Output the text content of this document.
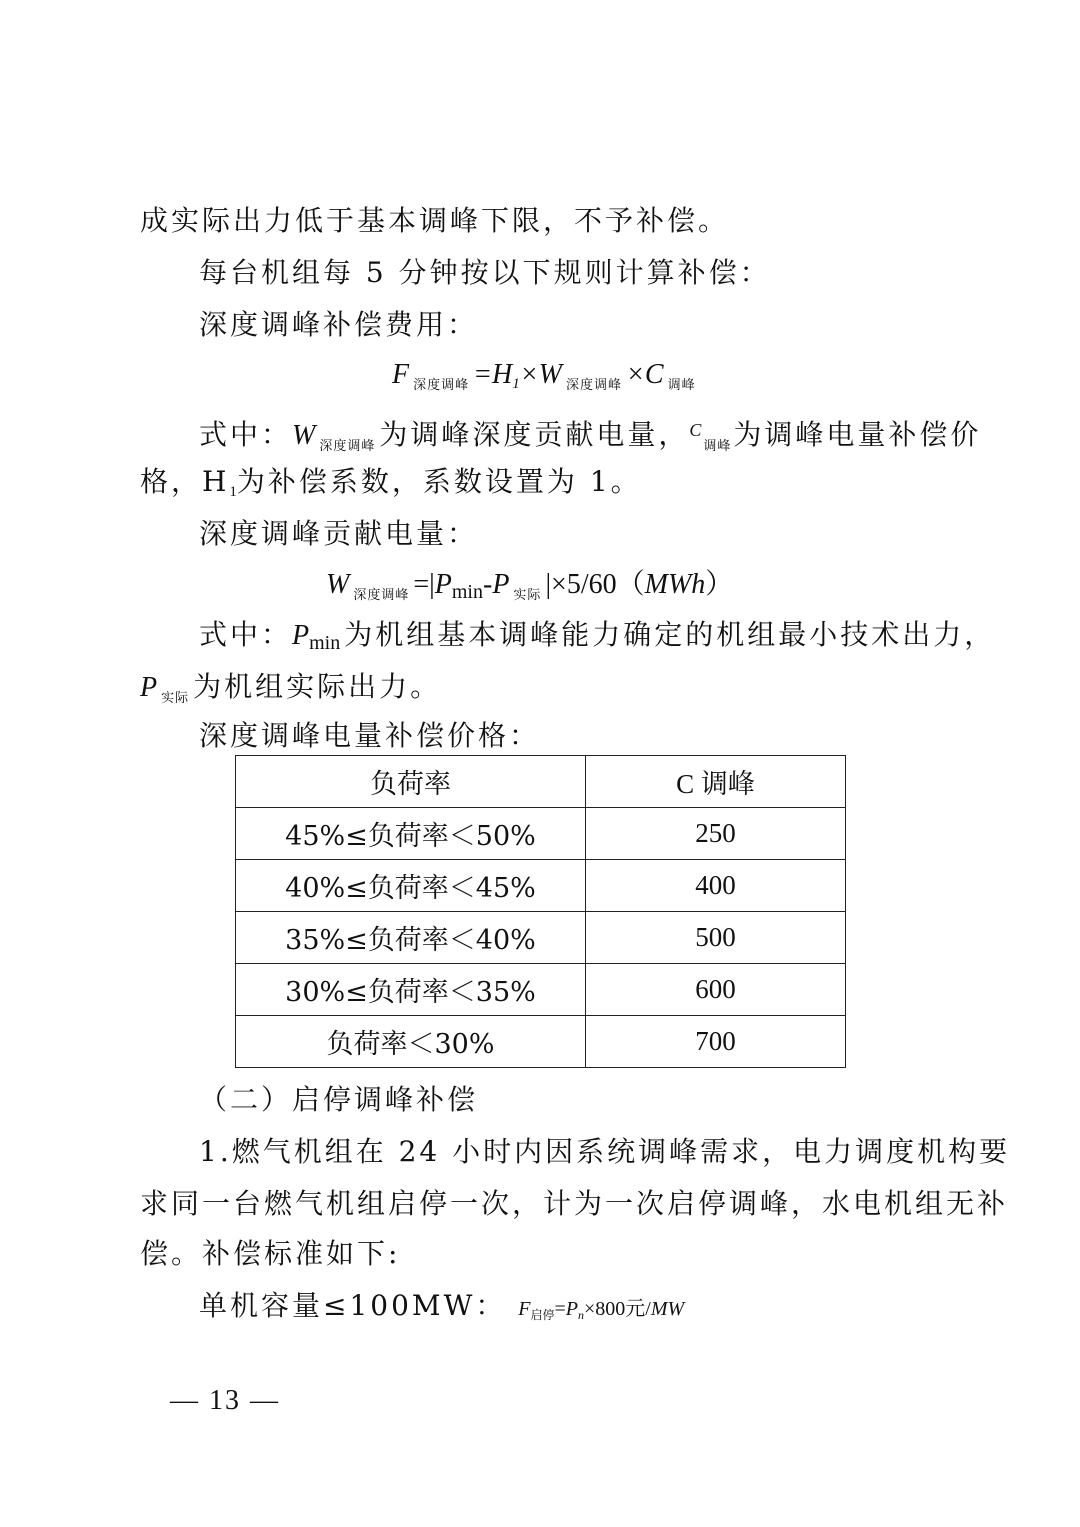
成实际出力低于基本调峰下限，不予补偿。
每台机组每 5 分钟按以下规则计算补偿：
深度调峰补偿费用：
F $_{深度调峰}$ =H1×W $_{深度调峰}$ ×C $_{调峰}$
式中：W $_{深度调峰}$ 为调峰深度贡献电量，$^C_{调峰}$为调峰电量补偿价
格，H1为补偿系数，系数设置为 1。
深度调峰贡献电量：
W $_{深度调峰}$ =|Pmin-P $_{实际}$ |×5/60（MWh）
式中：Pmin 为机组基本调峰能力确定的机组最小技术出力，
P $_{实际}$ 为机组实际出力。
深度调峰电量补偿价格：
负荷率	C 调峰
45%≤负荷率＜50%	250
40%≤负荷率＜45%	400
35%≤负荷率＜40%	500
30%≤负荷率＜35%	600
负荷率＜30%	700
（二）启停调峰补偿
1.燃气机组在 24 小时内因系统调峰需求，电力调度机构要
求同一台燃气机组启停一次，计为一次启停调峰，水电机组无补
偿。补偿标准如下:
单机容量≤100MW： $F_{启停}=P_n\times 800$元/MW
— 13 —
